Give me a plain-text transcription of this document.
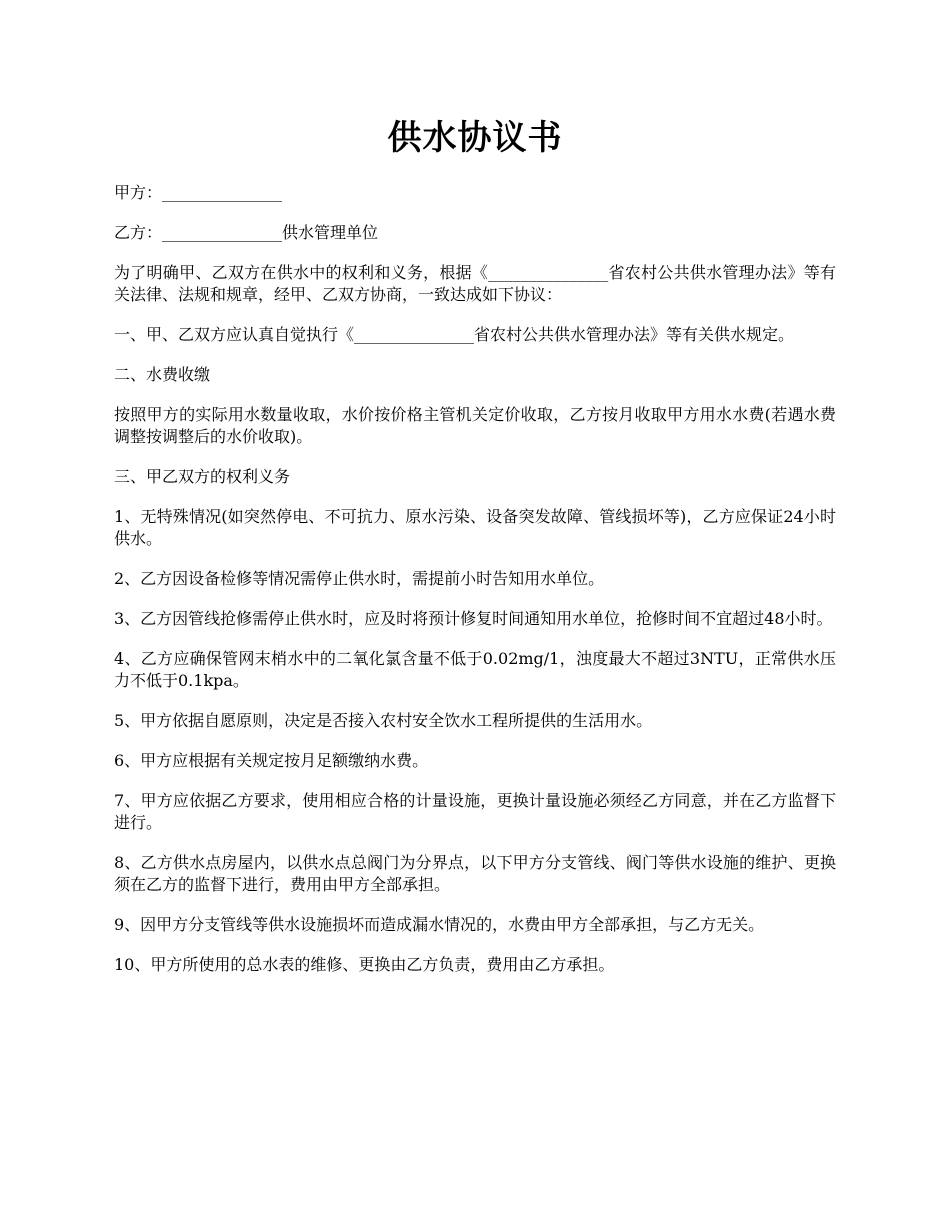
供水协议书

甲方：_______________

乙方：_______________供水管理单位

为了明确甲、乙双方在供水中的权利和义务，根据《_______________省农村公共供水管理办法》等有关法律、法规和规章，经甲、乙双方协商，一致达成如下协议：

一、甲、乙双方应认真自觉执行《_______________省农村公共供水管理办法》等有关供水规定。

二、水费收缴

按照甲方的实际用水数量收取，水价按价格主管机关定价收取，乙方按月收取甲方用水水费(若遇水费调整按调整后的水价收取)。

三、甲乙双方的权利义务

1、无特殊情况(如突然停电、不可抗力、原水污染、设备突发故障、管线损坏等)，乙方应保证24小时供水。

2、乙方因设备检修等情况需停止供水时，需提前小时告知用水单位。

3、乙方因管线抢修需停止供水时，应及时将预计修复时间通知用水单位，抢修时间不宜超过48小时。

4、乙方应确保管网末梢水中的二氧化氯含量不低于0.02mg/1，浊度最大不超过3NTU，正常供水压力不低于0.1kpa。

5、甲方依据自愿原则，决定是否接入农村安全饮水工程所提供的生活用水。

6、甲方应根据有关规定按月足额缴纳水费。

7、甲方应依据乙方要求，使用相应合格的计量设施，更换计量设施必须经乙方同意，并在乙方监督下进行。

8、乙方供水点房屋内，以供水点总阀门为分界点，以下甲方分支管线、阀门等供水设施的维护、更换须在乙方的监督下进行，费用由甲方全部承担。

9、因甲方分支管线等供水设施损坏而造成漏水情况的，水费由甲方全部承担，与乙方无关。

10、甲方所使用的总水表的维修、更换由乙方负责，费用由乙方承担。
